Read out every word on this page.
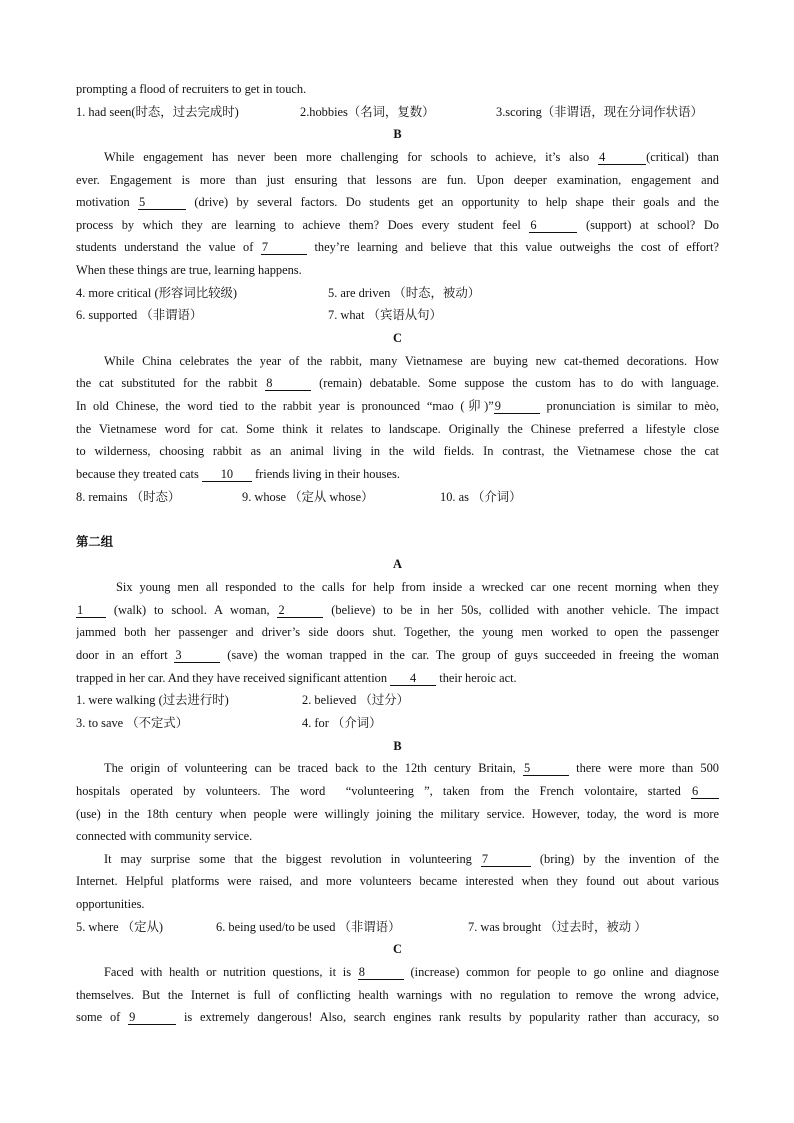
prompting a flood of recruiters to get in touch.
1. had seen(时态，过去完成时)	2.hobbies（名词，复数）	3.scoring（非谓语，现在分词作状语）
B
While engagement has never been more challenging for schools to achieve, it’s also 4	(critical) than
ever. Engagement is more than just ensuring that lessons are fun. Upon deeper examination, engagement and
motivation 5	(drive) by several factors. Do students get an opportunity to help shape their goals and the
process by which they are learning to achieve them? Does every student feel 6	(support) at school? Do
students understand the value of 7	they’re learning and believe that this value outweighs the cost of effort?
When these things are true, learning happens.
4. more critical (形容词比较级)	5. are driven （时态，被动）
6. supported （非谓语）	7. what （宾语从句）
C
While China celebrates the year of the rabbit, many Vietnamese are buying new cat-themed decorations. How
the cat substituted for the rabbit 8	(remain) debatable. Some suppose the custom has to do with language.
In old Chinese, the word tied to the rabbit year is pronounced “mao (卯)”9	pronunciation is similar to mèo,
the Vietnamese word for cat. Some think it relates to landscape. Originally the Chinese preferred a lifestyle close
to wilderness, choosing rabbit as an animal living in the wild fields. In contrast, the Vietnamese chose the cat
because they treated cats 10 friends living in their houses.
8. remains （时态）	9. whose （定从 whose）	10. as （介词）
第二组
A
Six young men all responded to the calls for help from inside a wrecked car one recent morning when they
1 (walk) to school. A woman, 2	(believe) to be in her 50s, collided with another vehicle. The impact
jammed both her passenger and driver’s side doors shut. Together, the young men worked to open the passenger
door in an effort 3	(save) the woman trapped in the car. The group of guys succeeded in freeing the woman
trapped in her car. And they have received significant attention 4 their heroic act.
1. were walking (过去进行时)	2. believed （过分）
3. to save （不定式）	4. for （介词）
B
The origin of volunteering can be traced back to the 12th century Britain, 5	there were more than 500
hospitals operated by volunteers. The word  “volunteering ”, taken from the French volontaire, started 6
(use) in the 18th century when people were willingly joining the military service. However, today, the word is more
connected with community service.
It may surprise some that the biggest revolution in volunteering 7	(bring) by the invention of the
Internet. Helpful platforms were raised, and more volunteers became interested when they found out about various
opportunities.
5. where （定从)	6. being used/to be used （非谓语）	7. was brought （过去时，被动 ）
C
Faced with health or nutrition questions, it is 8	(increase) common for people to go online and diagnose
themselves. But the Internet is full of conflicting health warnings with no regulation to remove the wrong advice,
some of 9	is extremely dangerous! Also, search engines rank results by popularity rather than accuracy, so
